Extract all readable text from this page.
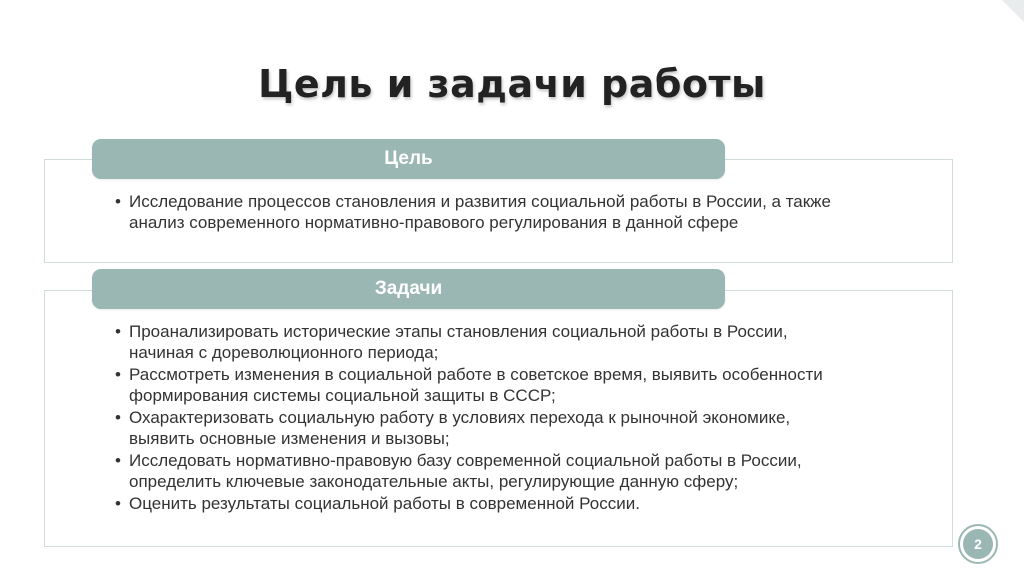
Цель и задачи работы
Цель
• Исследование процессов становления и развития социальной работы в России, а также анализ современного нормативно-правового регулирования в данной сфере
Задачи
• Проанализировать исторические этапы становления социальной работы в России, начиная с дореволюционного периода;
• Рассмотреть изменения в социальной работе в советское время, выявить особенности формирования системы социальной защиты в СССР;
• Охарактеризовать социальную работу в условиях перехода к рыночной экономике, выявить основные изменения и вызовы;
• Исследовать нормативно-правовую базу современной социальной работы в России, определить ключевые законодательные акты, регулирующие данную сферу;
• Оценить результаты социальной работы в современной России.
2
